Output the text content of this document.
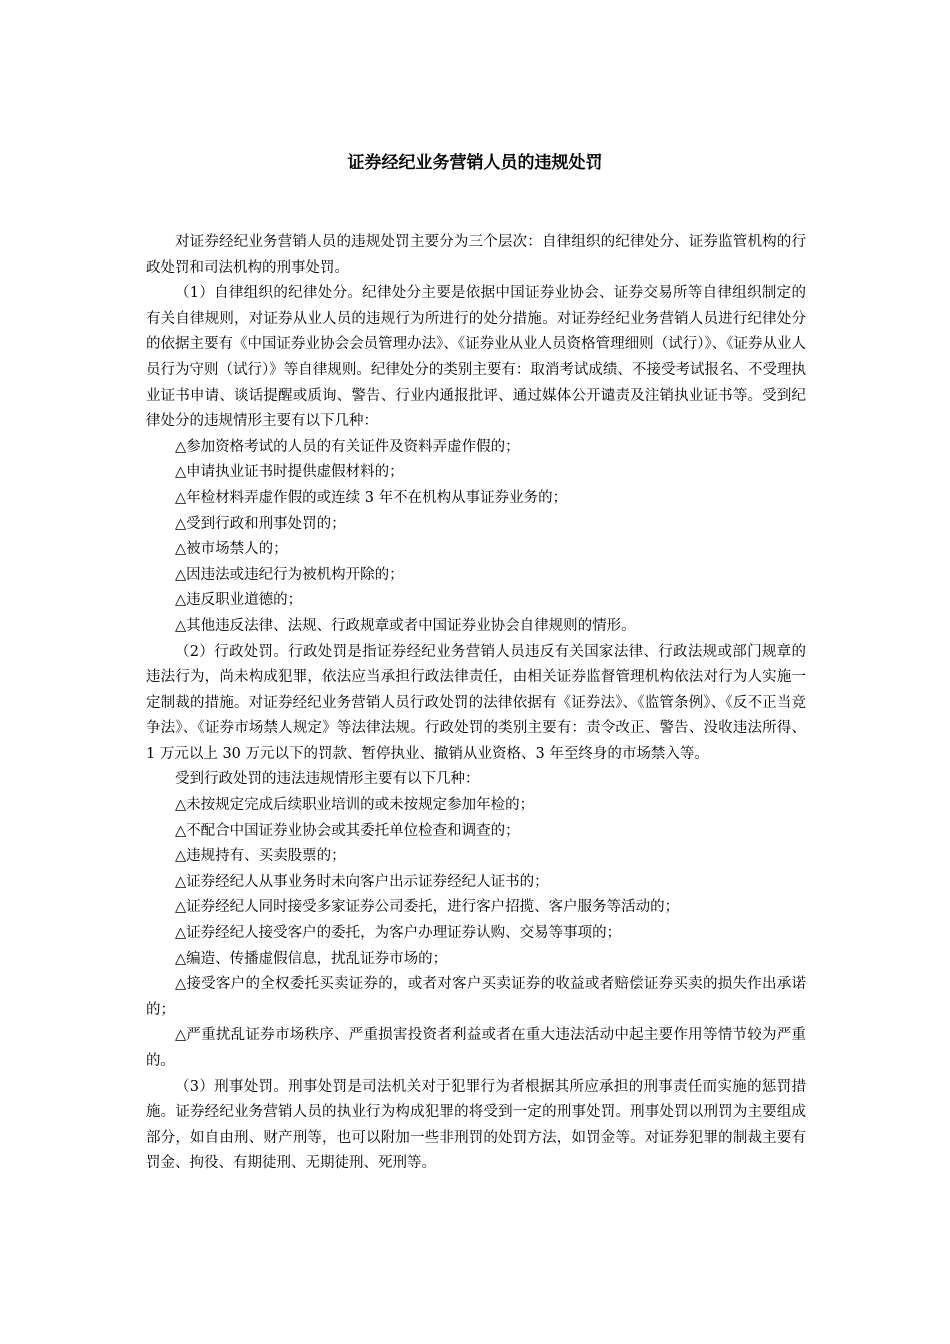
证券经纪业务营销人员的违规处罚

对证券经纪业务营销人员的违规处罚主要分为三个层次：自律组织的纪律处分、证券监管机构的行政处罚和司法机构的刑事处罚。

（1）自律组织的纪律处分。纪律处分主要是依据中国证券业协会、证券交易所等自律组织制定的有关自律规则，对证券从业人员的违规行为所进行的处分措施。对证券经纪业务营销人员进行纪律处分的依据主要有《中国证券业协会会员管理办法》、《证券业从业人员资格管理细则（试行）》、《证券从业人员行为守则（试行）》等自律规则。纪律处分的类别主要有：取消考试成绩、不接受考试报名、不受理执业证书申请、谈话提醒或质询、警告、行业内通报批评、通过媒体公开谴责及注销执业证书等。受到纪律处分的违规情形主要有以下几种：

△参加资格考试的人员的有关证件及资料弄虚作假的；

△申请执业证书时提供虚假材料的；

△年检材料弄虚作假的或连续 3 年不在机构从事证券业务的；

△受到行政和刑事处罚的；

△被市场禁人的；

△因违法或违纪行为被机构开除的；

△违反职业道德的；

△其他违反法律、法规、行政规章或者中国证券业协会自律规则的情形。

（2）行政处罚。行政处罚是指证券经纪业务营销人员违反有关国家法律、行政法规或部门规章的违法行为，尚未构成犯罪，依法应当承担行政法律责任，由相关证券监督管理机构依法对行为人实施一定制裁的措施。对证券经纪业务营销人员行政处罚的法律依据有《证券法》、《监管条例》、《反不正当竞争法》、《证券市场禁人规定》等法律法规。行政处罚的类别主要有：责令改正、警告、没收违法所得、1 万元以上 30 万元以下的罚款、暂停执业、撤销从业资格、3 年至终身的市场禁入等。

受到行政处罚的违法违规情形主要有以下几种：

△未按规定完成后续职业培训的或未按规定参加年检的；

△不配合中国证券业协会或其委托单位检查和调查的；

△违规持有、买卖股票的；

△证券经纪人从事业务时未向客户出示证券经纪人证书的；

△证券经纪人同时接受多家证券公司委托，进行客户招揽、客户服务等活动的；

△证券经纪人接受客户的委托，为客户办理证券认购、交易等事项的；

△编造、传播虚假信息，扰乱证券市场的；

△接受客户的全权委托买卖证券的，或者对客户买卖证券的收益或者赔偿证券买卖的损失作出承诺的；

△严重扰乱证券市场秩序、严重损害投资者利益或者在重大违法活动中起主要作用等情节较为严重的。

（3）刑事处罚。刑事处罚是司法机关对于犯罪行为者根据其所应承担的刑事责任而实施的惩罚措施。证券经纪业务营销人员的执业行为构成犯罪的将受到一定的刑事处罚。刑事处罚以刑罚为主要组成部分，如自由刑、财产刑等，也可以附加一些非刑罚的处罚方法，如罚金等。对证券犯罪的制裁主要有罚金、拘役、有期徒刑、无期徒刑、死刑等。
